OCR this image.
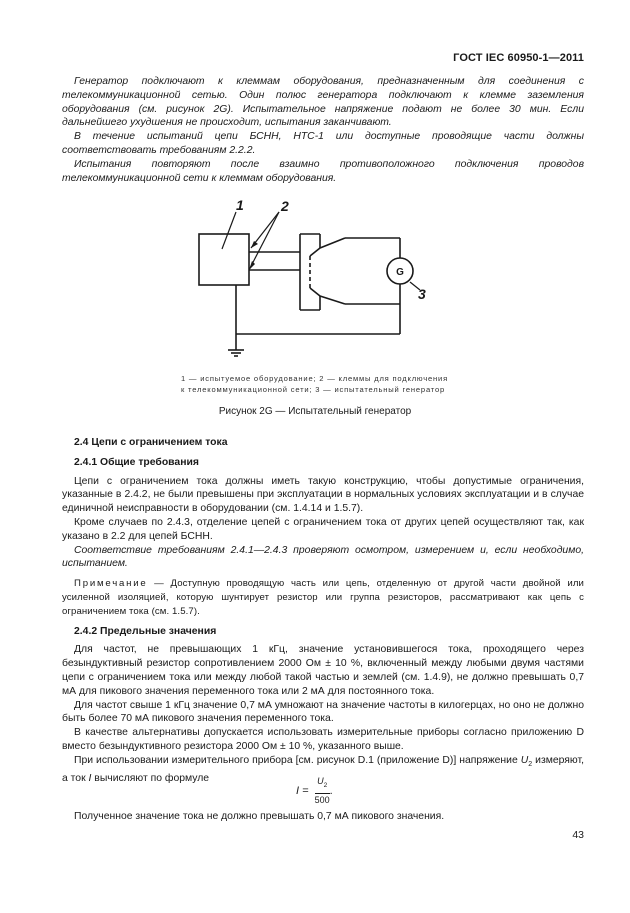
ГОСТ IEC 60950-1—2011

Генератор подключают к клеммам оборудования, предназначенным для соединения с телекоммуникационной сетью. Один полюс генератора подключают к клемме заземления оборудования (см. рисунок 2G). Испытательное напряжение подают не более 30 мин. Если дальнейшего ухудшения не происходит, испытания заканчивают.

В течение испытаний цепи БСНН, НТС-1 или доступные проводящие части должны соответствовать требованиям 2.2.2.

Испытания повторяют после взаимно противоположного подключения проводов телекоммуникационной сети к клеммам оборудования.

1	2
3
G
1 — испытуемое оборудование; 2 — клеммы для подключения
к телекоммуникационной сети; 3 — испытательный генератор
Рисунок 2G — Испытательный генератор

2.4 Цепи с ограничением тока

2.4.1 Общие требования

Цепи с ограничением тока должны иметь такую конструкцию, чтобы допустимые ограничения, указанные в 2.4.2, не были превышены при эксплуатации в нормальных условиях эксплуатации и в случае единичной неисправности в оборудовании (см. 1.4.14 и 1.5.7).

Кроме случаев по 2.4.3, отделение цепей с ограничением тока от других цепей осуществляют так, как указано в 2.2 для цепей БСНН.

Соответствие требованиям 2.4.1—2.4.3 проверяют осмотром, измерением и, если необходимо, испытанием.

Примечание — Доступную проводящую часть или цепь, отделенную от другой части двойной или усиленной изоляцией, которую шунтирует резистор или группа резисторов, рассматривают как цепь с ограничением тока (см. 1.5.7).

2.4.2 Предельные значения

Для частот, не превышающих 1 кГц, значение установившегося тока, проходящего через безындуктивный резистор сопротивлением 2000 Ом ± 10 %, включенный между любыми двумя частями цепи с ограничением тока или между любой такой частью и землей (см. 1.4.9), не должно превышать 0,7 мА для пикового значения переменного тока или 2 мА для постоянного тока.

Для частот свыше 1 кГц значение 0,7 мА умножают на значение частоты в килогерцах, но оно не должно быть более 70 мА пикового значения переменного тока.

В качестве альтернативы допускается использовать измерительные приборы согласно приложению D вместо безындуктивного резистора 2000 Ом ± 10 %, указанного выше.

При использовании измерительного прибора [см. рисунок D.1 (приложение D)] напряжение $U_2$ измеряют, а ток I вычисляют по формуле

$I = \frac{U_2}{500}$ .

Полученное значение тока не должно превышать 0,7 мА пикового значения.

43
